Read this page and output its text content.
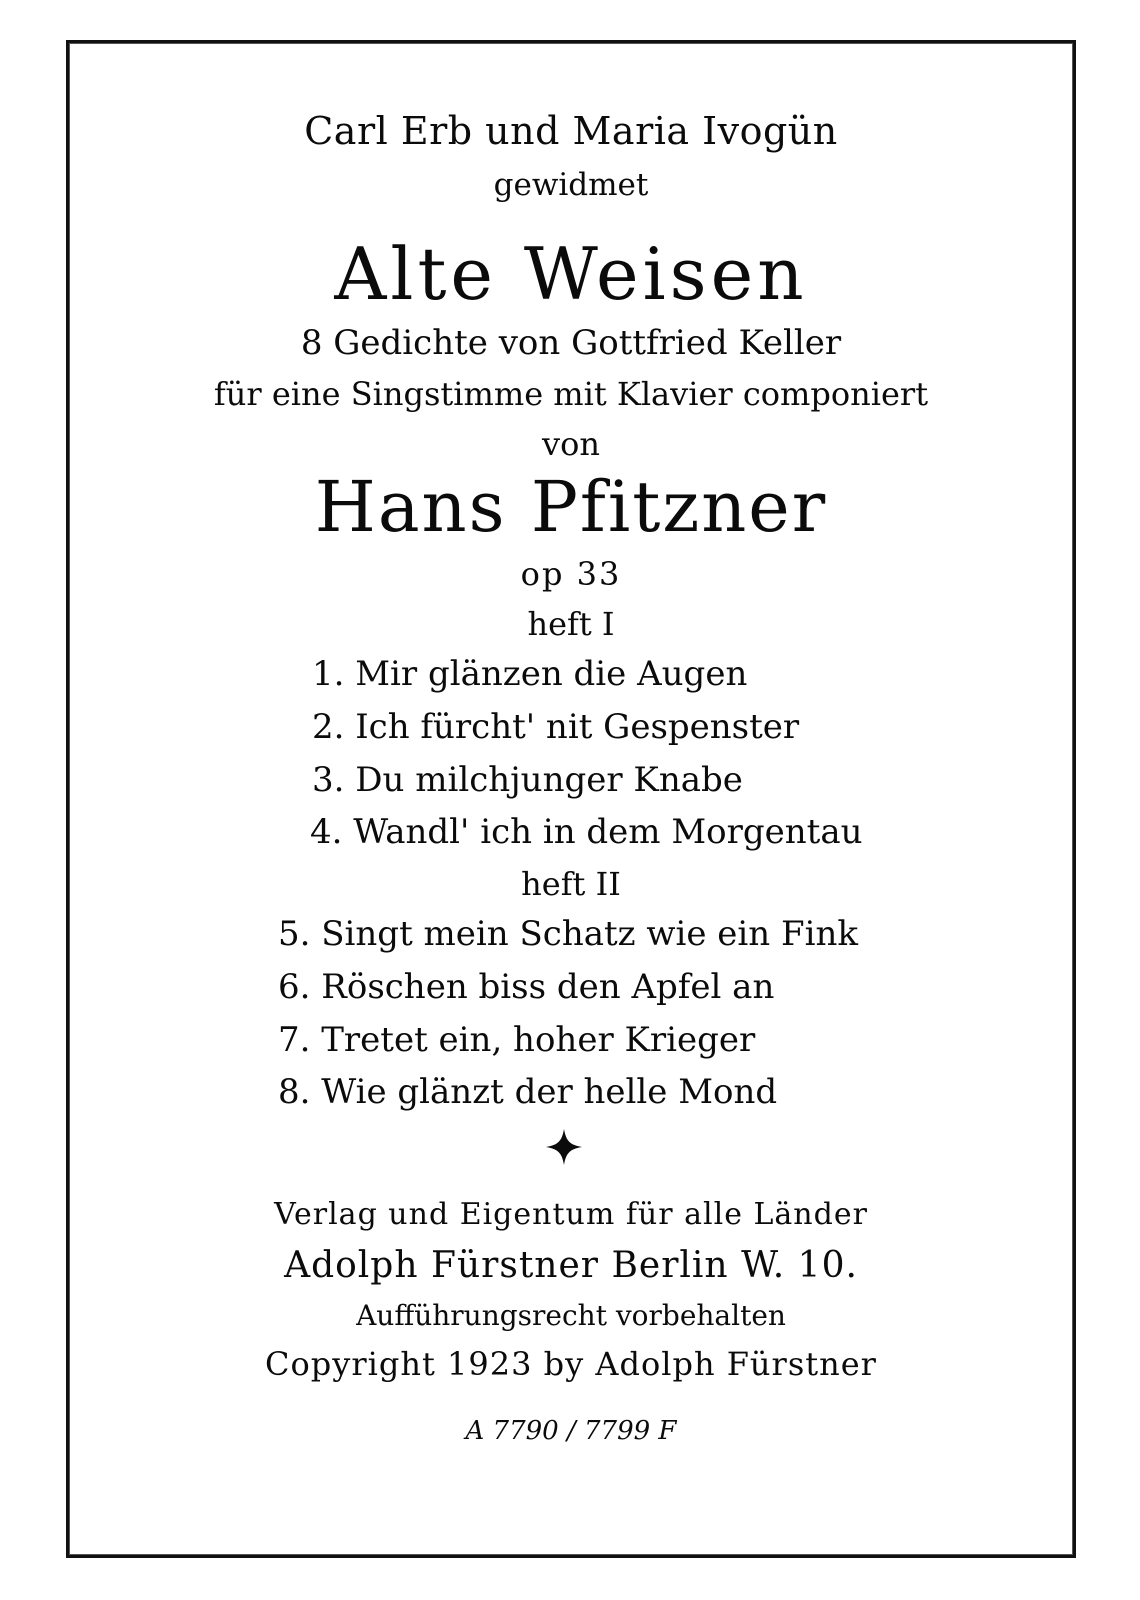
Carl Erb und Maria Ivogün
gewidmet
Alte Weisen
8 Gedichte von Gottfried Keller
für eine Singstimme mit Klavier componiert
von
Hans Pfitzner
op 33
heft I
1. Mir glänzen die Augen
2. Ich fürcht' nit Gespenster
3. Du milchjunger Knabe
4. Wandl' ich in dem Morgentau
heft II
5. Singt mein Schatz wie ein Fink
6. Röschen biss den Apfel an
7. Tretet ein, hoher Krieger
8. Wie glänzt der helle Mond
Verlag und Eigentum für alle Länder
Adolph Fürstner Berlin W. 10.
Aufführungsrecht vorbehalten
Copyright 1923 by Adolph Fürstner
A 7790 / 7799 F
